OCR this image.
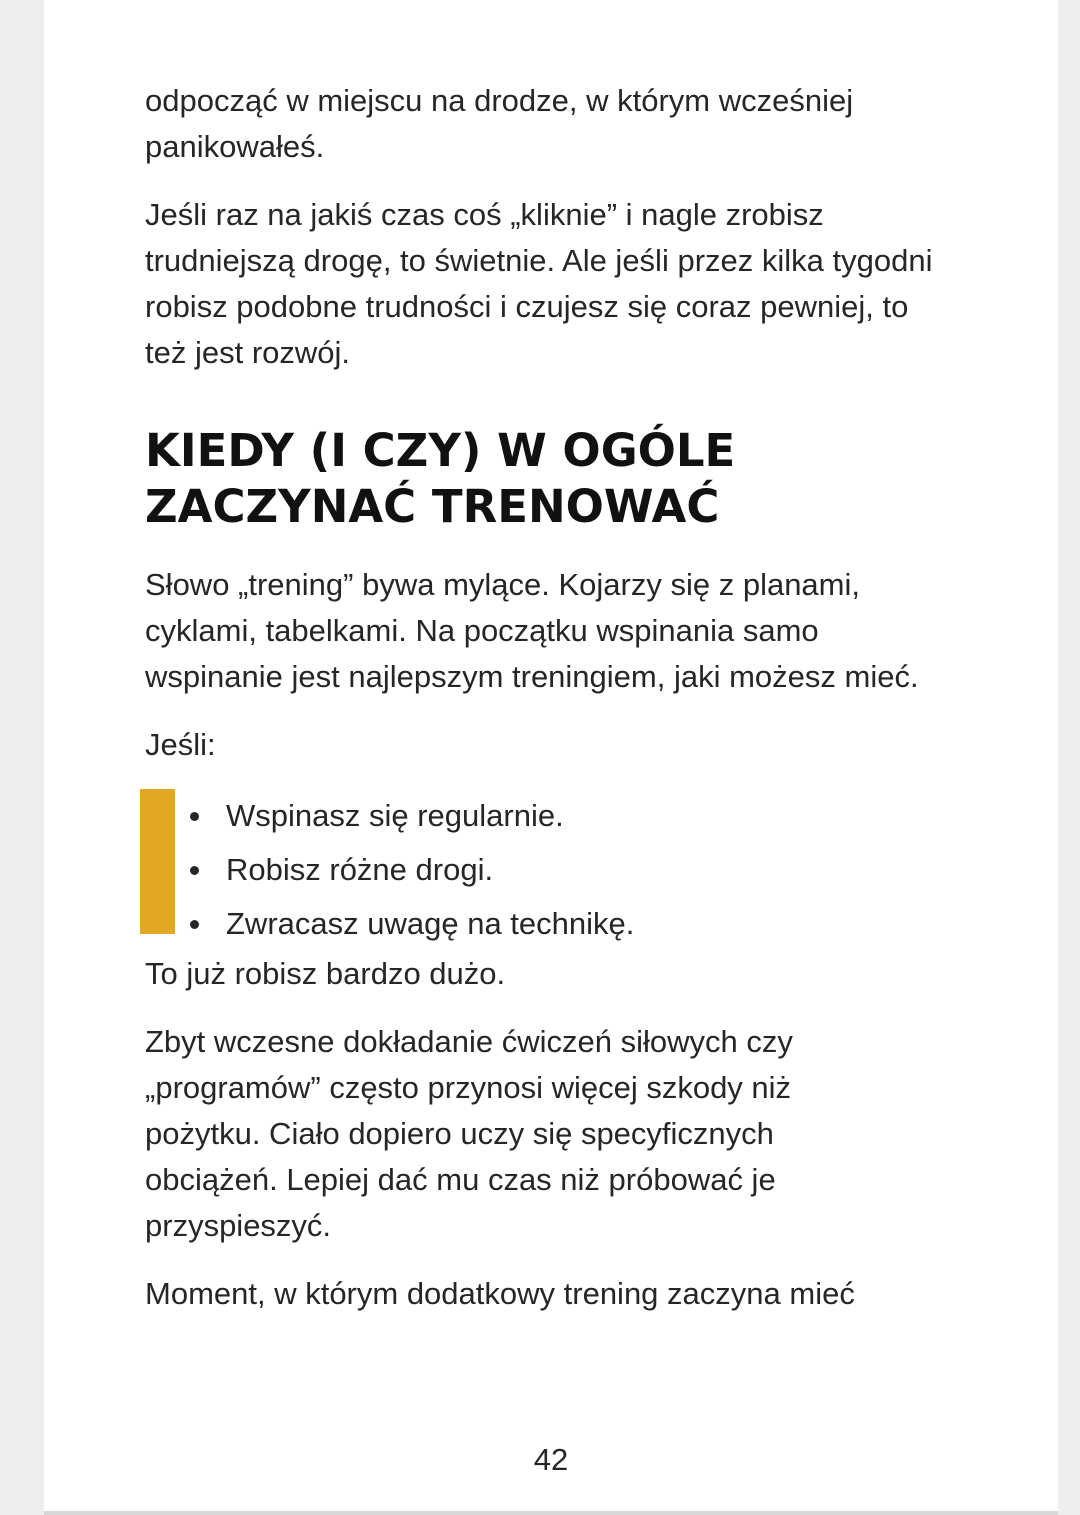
odpocząć w miejscu na drodze, w którym wcześniej panikowałeś.

Jeśli raz na jakiś czas coś „kliknie” i nagle zrobisz trudniejszą drogę, to świetnie. Ale jeśli przez kilka tygodni robisz podobne trudności i czujesz się coraz pewniej, to też jest rozwój.

KIEDY (I CZY) W OGÓLE
ZACZYNAĆ TRENOWAĆ

Słowo „trening” bywa mylące. Kojarzy się z planami, cyklami, tabelkami. Na początku wspinania samo wspinanie jest najlepszym treningiem, jaki możesz mieć.

Jeśli:

Wspinasz się regularnie.
Robisz różne drogi.
Zwracasz uwagę na technikę.

To już robisz bardzo dużo.

Zbyt wczesne dokładanie ćwiczeń siłowych czy „programów” często przynosi więcej szkody niż pożytku. Ciało dopiero uczy się specyficznych obciążeń. Lepiej dać mu czas niż próbować je przyspieszyć.

Moment, w którym dodatkowy trening zaczyna mieć

42
